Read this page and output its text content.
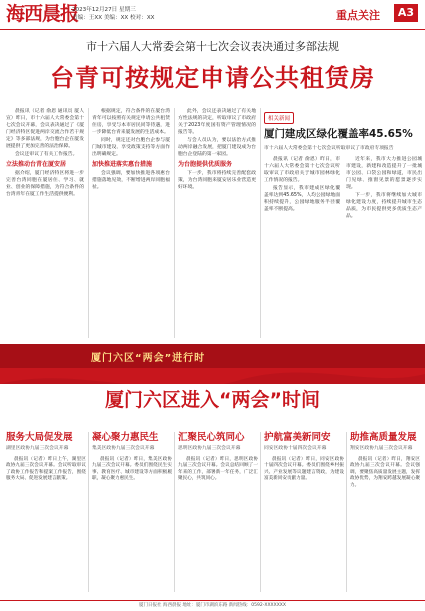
海西晨报
2023年12月27日 星期三
责编：王XX 美编：XX 校对：XX	重点关注	A3
市十六届人大常委会第十七次会议表决通过多部法规
台青可按规定申请公共租赁房

晨报讯（记者 俞恩 通讯员 厦人宣）昨日，市十六届人大常委会第十七次会议开幕，会议表决通过了《厦门经济特区促进两岸交流合作若干规定》等多部法规，为台胞台企在厦发展提供了更加完善的法治保障。

会议还审议了有关工作报告。

立法推动台青在厦安居

据介绍，厦门经济特区将进一步完善台湾同胞在厦居住、学习、就业、创业的保障措施，为符合条件的台湾青年在厦工作生活提供便利。

根据规定，符合条件的在厦台湾青年可以按照有关规定申请公共租赁住房，享受与本市居民同等待遇，进一步降低台青来厦发展的生活成本。

同时，规定还对台胞台企参与厦门城市建设、享受政策支持等方面作出明确规定。

加快推进落实惠台措施

会议强调，要加快推进各项惠台措施落地见效，不断增进两岸同胞福祉。

此外，会议还表决通过了有关地方性法规的决定，听取审议了市政府关于2023年度国有资产管理情况的报告等。

与会人员认为，要以法治方式推动两岸融合发展，把厦门建设成为台胞台企登陆的第一家园。

为台胞提供优质服务

下一步，我市将持续完善配套政策，为台湾同胞来厦安居乐业营造更好环境。

相关新闻
厦门建成区绿化覆盖率45.65%
市十六届人大常委会第十七次会议听取审议了市政府专项报告

晨报讯（记者 俞恩）昨日，市十六届人大常委会第十七次会议听取审议了市政府关于城市园林绿化工作情况的报告。

报告显示，我市建成区绿化覆盖率达到45.65%，人均公园绿地面积持续提升，公园绿地服务半径覆盖率不断提高。

近年来，我市大力推进公园城市建设，新建和改造提升了一批城市公园、口袋公园和绿道，市民出门见绿、推窗见景的愿景逐步实现。

下一步，我市将继续加大城市绿化建设力度，持续提升城市生态品质，为市民提供更多优质生态产品。

厦门六区“两会”进行时
厦门六区进入“两会”时间
服务大局促发展
湖里区政协九届三次会议开幕

晨报讯（记者）昨日上午，湖里区政协九届三次会议开幕。会议听取审议了政协工作报告和提案工作报告，围绕服务大局、促进发展建言献策。

凝心聚力惠民生
集美区政协九届三次会议开幕

晨报讯（记者）昨日，集美区政协九届三次会议开幕。委员们围绕民生实事、教育医疗、城市建设等方面积极履职，凝心聚力惠民生。

汇聚民心筑同心
思明区政协九届三次会议开幕

晨报讯（记者）昨日，思明区政协九届三次会议开幕。会议总结回顾了一年来的工作，部署新一年任务，广泛汇聚民心，共筑同心。

护航富美新同安
同安区政协十届四次会议开幕

晨报讯（记者）昨日，同安区政协十届四次会议开幕。委员们围绕乡村振兴、产业发展等议题建言资政，为建设富美新同安贡献力量。

助推高质量发展
翔安区政协九届三次会议开幕

晨报讯（记者）昨日，翔安区政协九届三次会议开幕。会议强调，要聚焦高质量发展主题，发挥政协优势，为翔安跨越发展凝心聚力。

厦门日报社 海西晨报 地址：厦门市湖滨东路 新闻热线：0592-XXXXXXX
